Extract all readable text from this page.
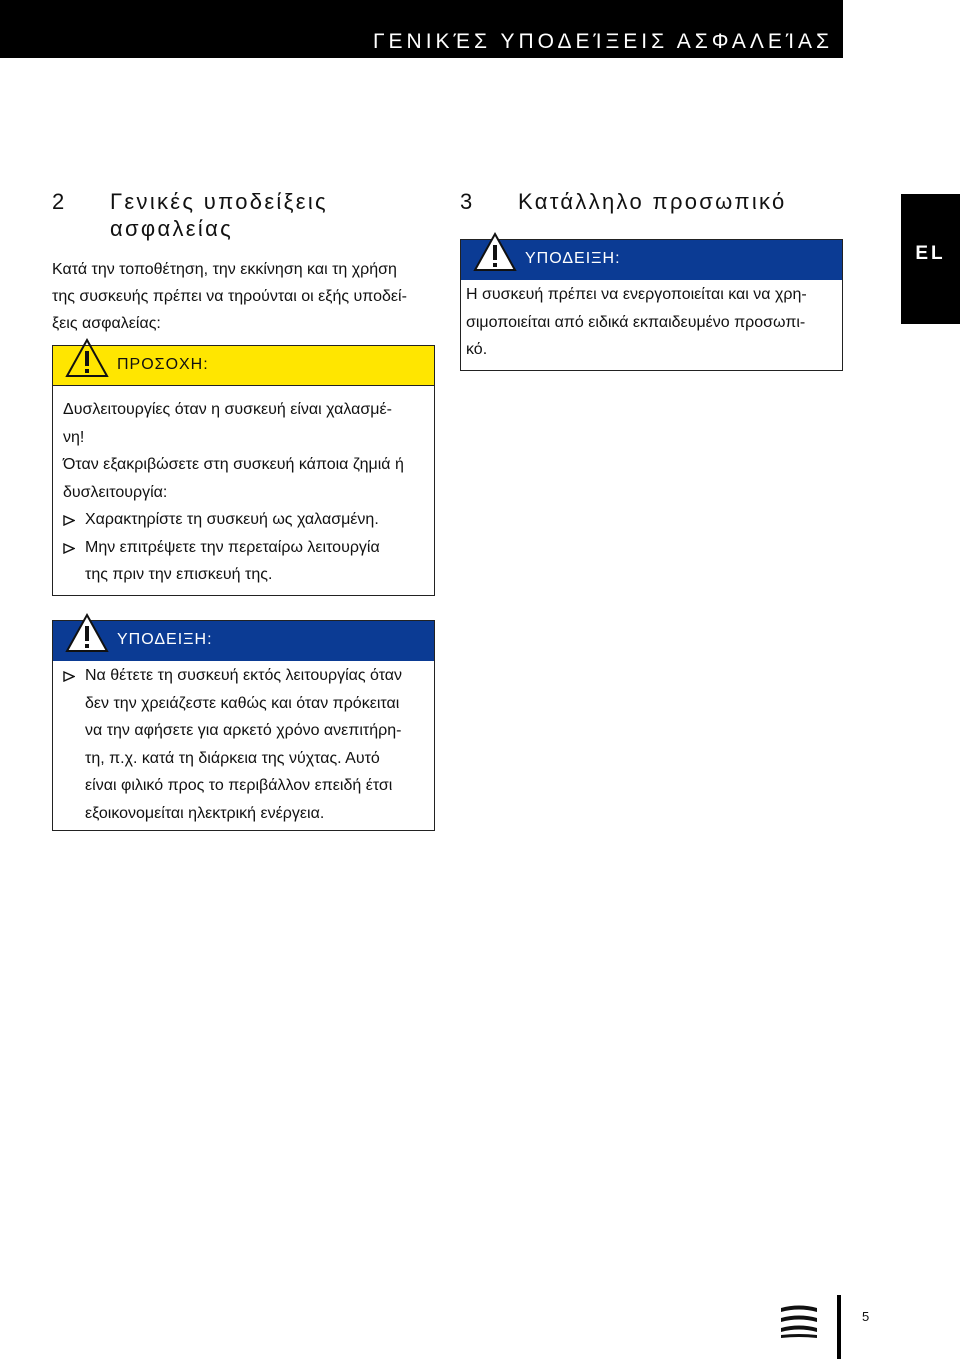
ΓΕΝΙΚΈΣ ΥΠΟΔΕΊΞΕΙΣ ΑΣΦΑΛΕΊΑΣ
EL
2	Γενικές υποδείξεις
ασφαλείας
Κατά την τοποθέτηση, την εκκίνηση και τη χρήση
της συσκευής πρέπει να τηρούνται οι εξής υποδεί-
ξεις ασφαλείας:
ΠΡΟΣΟΧΗ:

Δυσλειτουργίες όταν η συσκευή είναι χαλασμέ-

νη!

Όταν εξακριβώσετε στη συσκευή κάποια ζημιά ή

δυσλειτουργία:

Χαρακτηρίστε τη συσκευή ως χαλασμένη.

Μην επιτρέψετε την περεταίρω λειτουργία

της πριν την επισκευή της.

ΥΠΟΔΕΙΞΗ:

Να θέτετε τη συσκευή εκτός λειτουργίας όταν

δεν την χρειάζεστε καθώς και όταν πρόκειται

να την αφήσετε για αρκετό χρόνο ανεπιτήρη-

τη, π.χ. κατά τη διάρκεια της νύχτας. Αυτό

είναι φιλικό προς το περιβάλλον επειδή έτσι

εξοικονομείται ηλεκτρική ενέργεια.

3	Κατάλληλο προσωπικό
ΥΠΟΔΕΙΞΗ:

Η συσκευή πρέπει να ενεργοποιείται και να χρη-

σιμοποιείται από ειδικά εκπαιδευμένο προσωπι-

κό.

5
